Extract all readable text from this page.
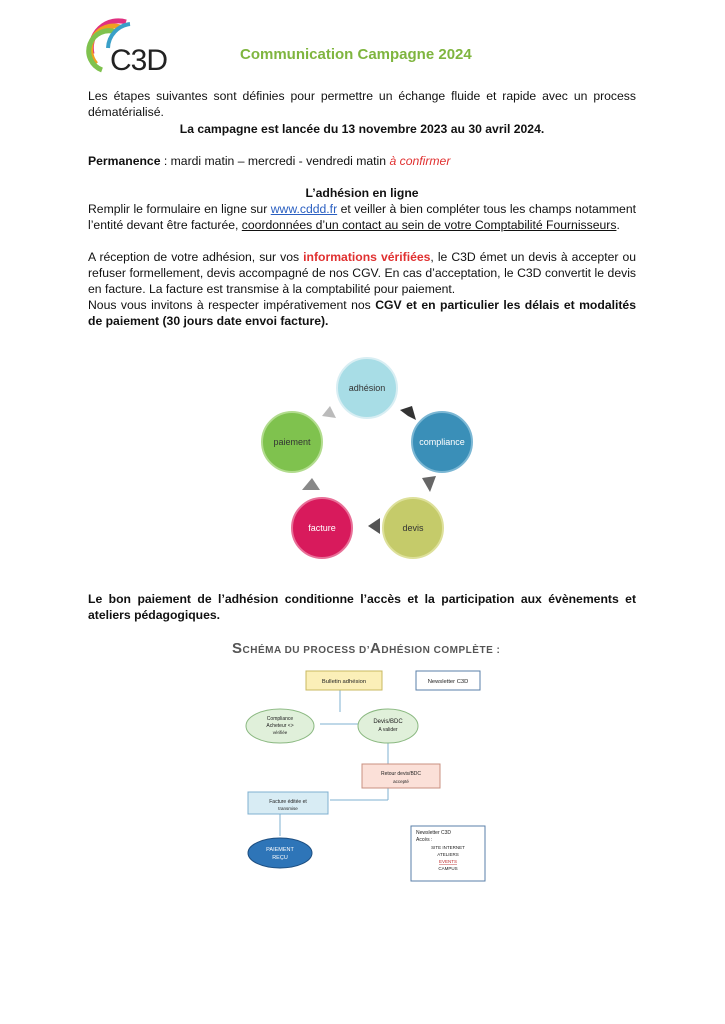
C3D	Communication Campagne 2024
Les étapes suivantes sont définies pour permettre un échange fluide et rapide avec un process dématérialisé.
La campagne est lancée du 13 novembre 2023 au 30 avril 2024.
Permanence : mardi matin – mercredi - vendredi matin à confirmer
L’adhésion en ligne
Remplir le formulaire en ligne sur www.cddd.fr et veiller à bien compléter tous les champs notamment l’entité devant être facturée, coordonnées d’un contact au sein de votre Comptabilité Fournisseurs.
A réception de votre adhésion, sur vos informations vérifiées, le C3D émet un devis à accepter ou refuser formellement, devis accompagné de nos CGV. En cas d’acceptation, le C3D convertit le devis en facture. La facture est transmise à la comptabilité pour paiement.
Nous vous invitons à respecter impérativement nos CGV et en particulier les délais et modalités de paiement (30 jours date envoi facture).
adhésion
compliance
devis
facture
paiement
Le bon paiement de l’adhésion conditionne l’accès et la participation aux évènements et ateliers pédagogiques.
SCHÉMA DU PROCESS D’ADHÉSION COMPLÈTE :
Bulletin adhésion	Newsletter C3D
Compliance
Acheteur <>
vérifiée
Devis/BDC
A valider
Retour devis/BDC
accepté
Facture éditée et
transmise
PAIEMENT
REÇU
Newsletter C3D
Accès :
SITE INTERNET
ATELIERS
EVENTS
CAMPUS
